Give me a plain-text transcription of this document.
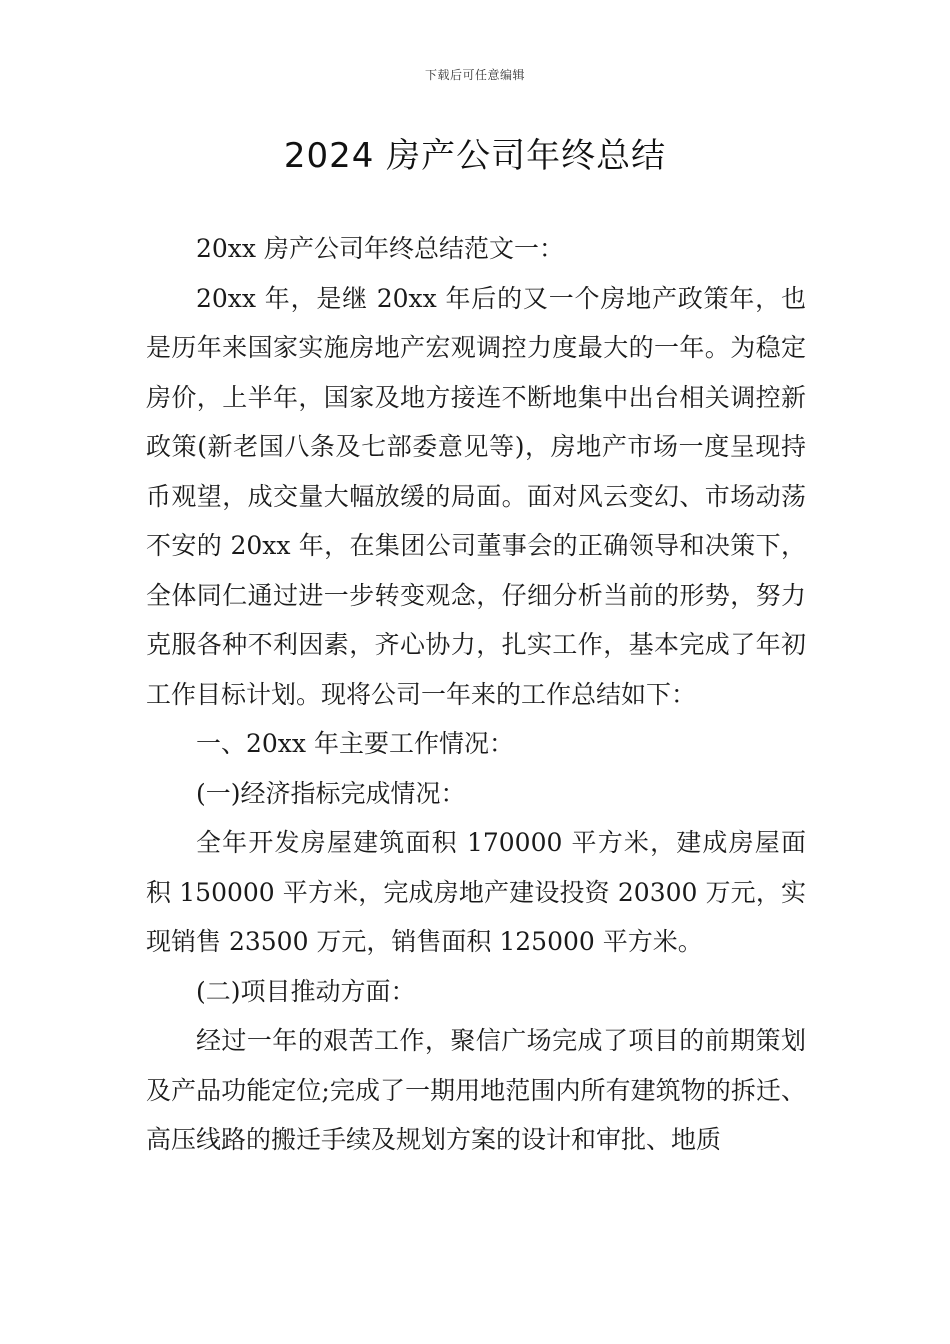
下载后可任意编辑
2024 房产公司年终总结

20xx 房产公司年终总结范文一：

20xx 年，是继 20xx 年后的又一个房地产政策年，也是历年来国家实施房地产宏观调控力度最大的一年。为稳定房价，上半年，国家及地方接连不断地集中出台相关调控新政策(新老国八条及七部委意见等)，房地产市场一度呈现持币观望，成交量大幅放缓的局面。面对风云变幻、市场动荡不安的 20xx 年，在集团公司董事会的正确领导和决策下，全体同仁通过进一步转变观念，仔细分析当前的形势，努力克服各种不利因素，齐心协力，扎实工作，基本完成了年初工作目标计划。现将公司一年来的工作总结如下：

一、20xx 年主要工作情况：

(一)经济指标完成情况：

全年开发房屋建筑面积 170000 平方米，建成房屋面积 150000 平方米，完成房地产建设投资 20300 万元，实现销售 23500 万元，销售面积 125000 平方米。

(二)项目推动方面：

经过一年的艰苦工作，聚信广场完成了项目的前期策划及产品功能定位;完成了一期用地范围内所有建筑物的拆迁、高压线路的搬迁手续及规划方案的设计和审批、地质
